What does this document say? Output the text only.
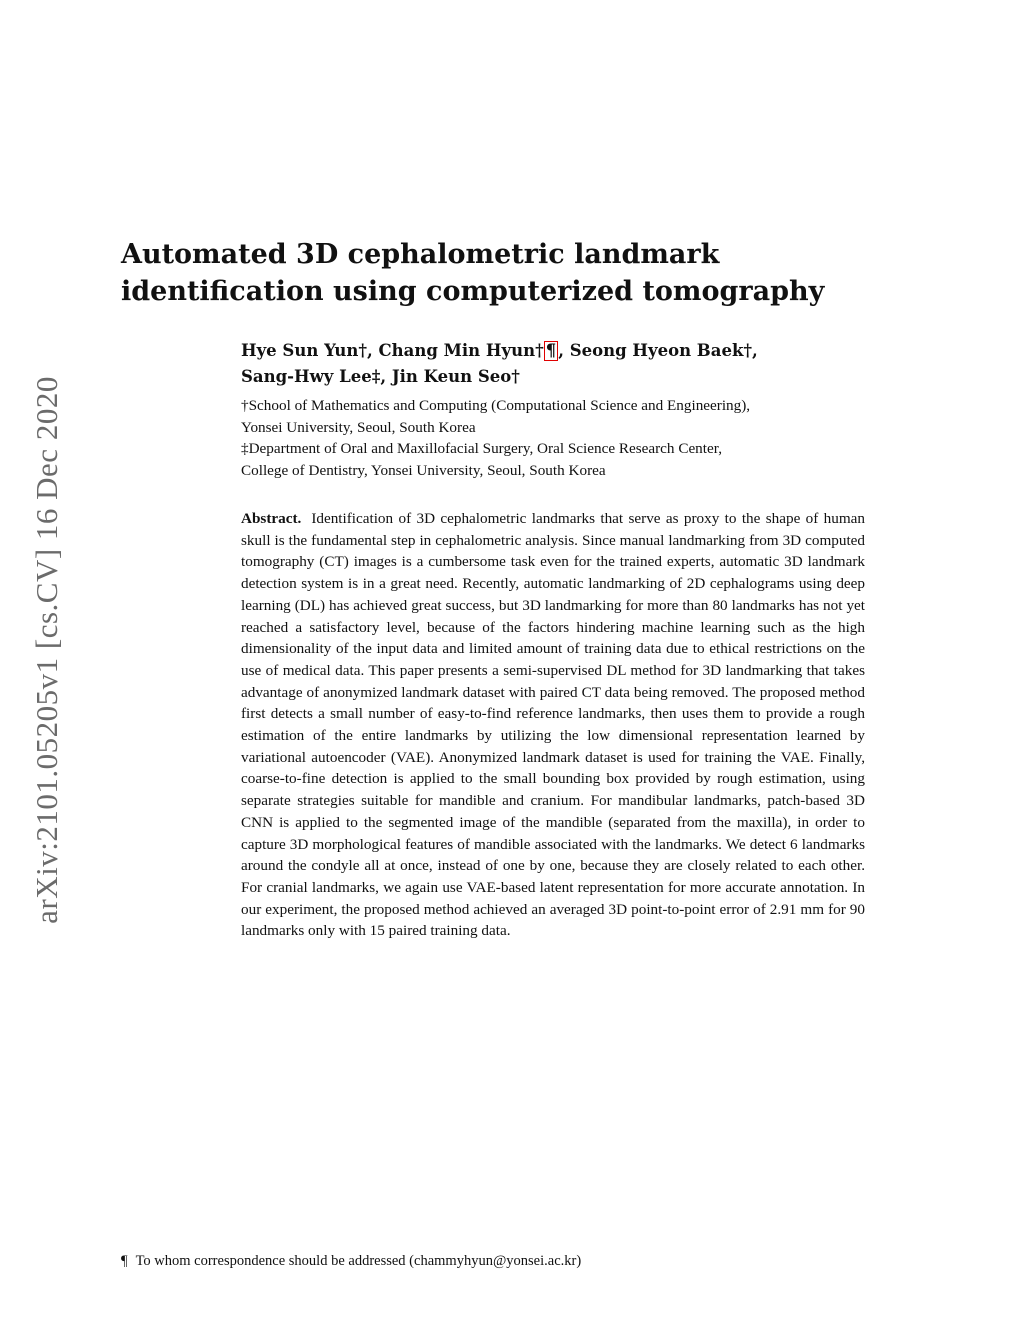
arXiv:2101.05205v1 [cs.CV] 16 Dec 2020
Automated 3D cephalometric landmark
identification using computerized tomography
Hye Sun Yun†, Chang Min Hyun† ¶ , Seong Hyeon Baek†,
Sang-Hwy Lee‡, Jin Keun Seo†
†School of Mathematics and Computing (Computational Science and Engineering),
Yonsei University, Seoul, South Korea
‡Department of Oral and Maxillofacial Surgery, Oral Science Research Center,
College of Dentistry, Yonsei University, Seoul, South Korea

Abstract. Identification of 3D cephalometric landmarks that serve as proxy to the shape of human skull is the fundamental step in cephalometric analysis. Since manual landmarking from 3D computed tomography (CT) images is a cumbersome task even for the trained experts, automatic 3D landmark detection system is in a great need. Recently, automatic landmarking of 2D cephalograms using deep learning (DL) has achieved great success, but 3D landmarking for more than 80 landmarks has not yet reached a satisfactory level, because of the factors hindering machine learning such as the high dimensionality of the input data and limited amount of training data due to ethical restrictions on the use of medical data. This paper presents a semi-supervised DL method for 3D landmarking that takes advantage of anonymized landmark dataset with paired CT data being removed. The proposed method first detects a small number of easy-to-find reference landmarks, then uses them to provide a rough estimation of the entire landmarks by utilizing the low dimensional representation learned by variational autoencoder (VAE). Anonymized landmark dataset is used for training the VAE. Finally, coarse-to-fine detection is applied to the small bounding box provided by rough estimation, using separate strategies suitable for mandible and cranium. For mandibular landmarks, patch-based 3D CNN is applied to the segmented image of the mandible (separated from the maxilla), in order to capture 3D morphological features of mandible associated with the landmarks. We detect 6 landmarks around the condyle all at once, instead of one by one, because they are closely related to each other. For cranial landmarks, we again use VAE-based latent representation for more accurate annotation. In our experiment, the proposed method achieved an averaged 3D point-to-point error of 2.91 mm for 90 landmarks only with 15 paired training data.

¶ To whom correspondence should be addressed (chammyhyun@yonsei.ac.kr)
